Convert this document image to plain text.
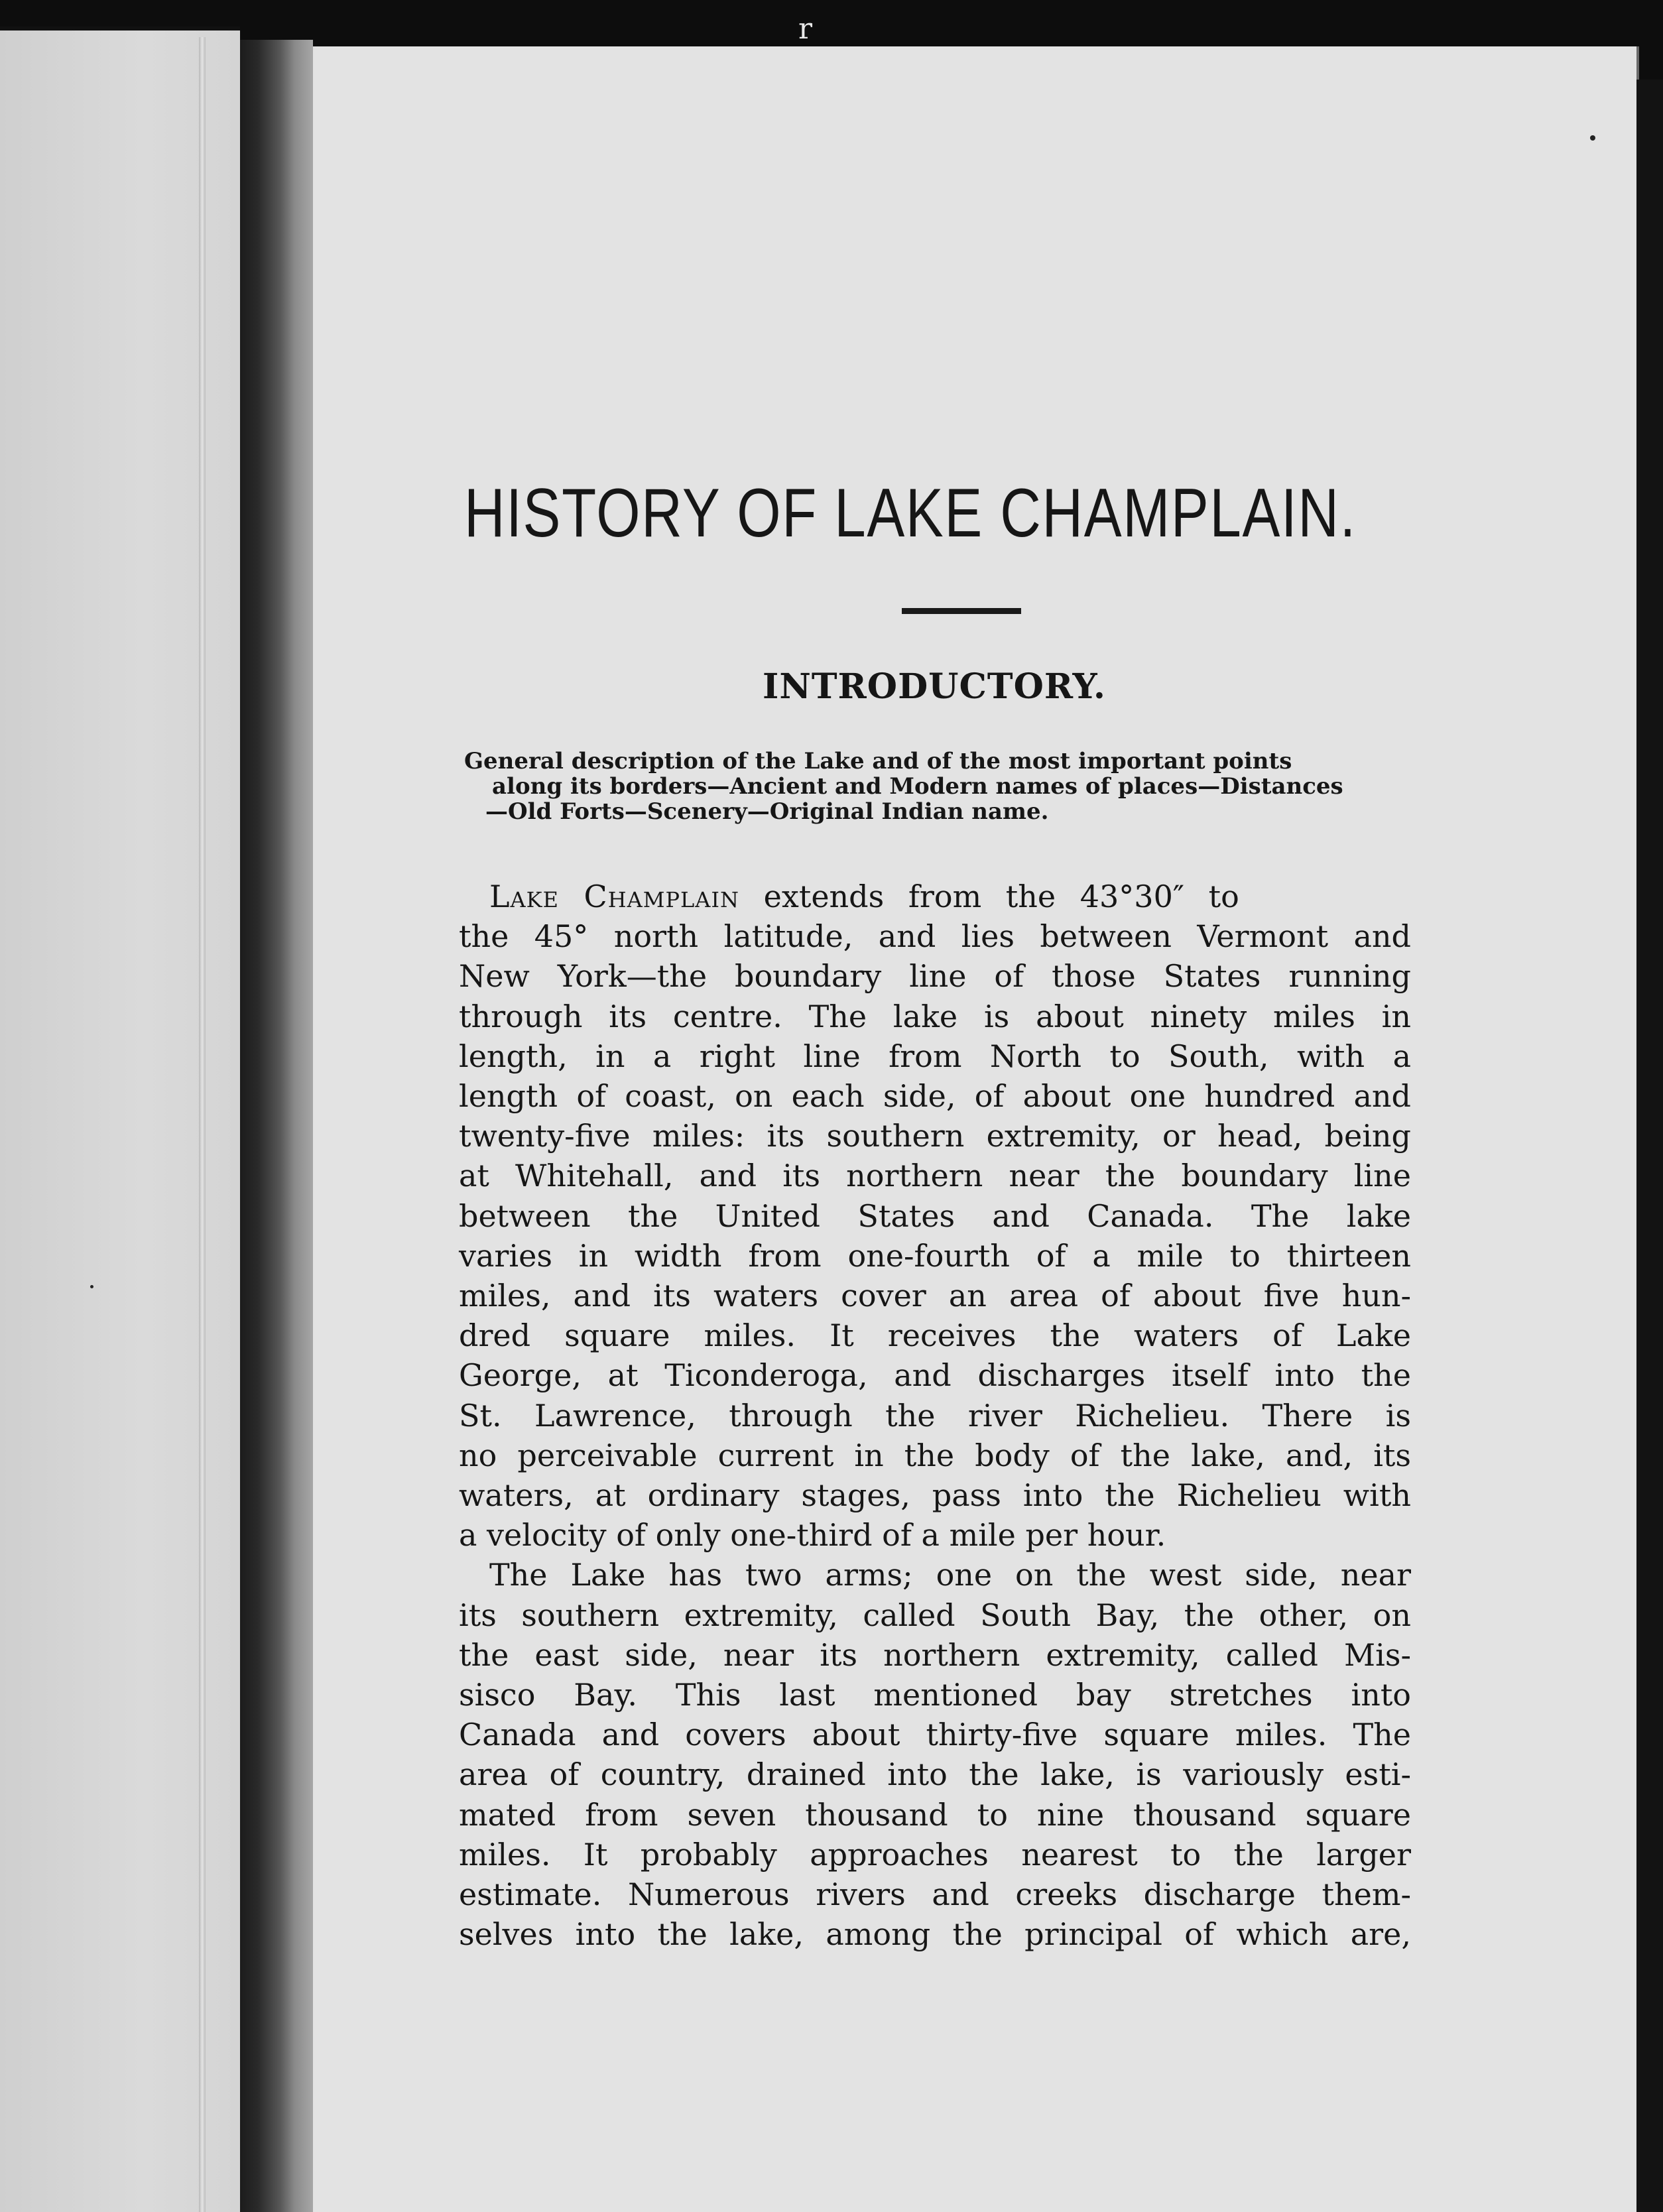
r
HISTORY OF LAKE CHAMPLAIN.
INTRODUCTORY.
General description of the Lake and of the most important points
along its borders—Ancient and Modern names of places—Distances
—Old Forts—Scenery—Original Indian name.
Lake Champlain extends from the 43°30″ to
the 45° north latitude, and lies between Vermont and
New York—the boundary line of those States running
through its centre. The lake is about ninety miles in
length, in a right line from North to South, with a
length of coast, on each side, of about one hundred and
twenty-five miles: its southern extremity, or head, being
at Whitehall, and its northern near the boundary line
between the United States and Canada. The lake
varies in width from one-fourth of a mile to thirteen
miles, and its waters cover an area of about five hun-
dred square miles. It receives the waters of Lake
George, at Ticonderoga, and discharges itself into the
St. Lawrence, through the river Richelieu. There is
no perceivable current in the body of the lake, and, its
waters, at ordinary stages, pass into the Richelieu with
a velocity of only one-third of a mile per hour.
The Lake has two arms; one on the west side, near
its southern extremity, called South Bay, the other, on
the east side, near its northern extremity, called Mis-
sisco Bay. This last mentioned bay stretches into
Canada and covers about thirty-five square miles. The
area of country, drained into the lake, is variously esti-
mated from seven thousand to nine thousand square
miles. It probably approaches nearest to the larger
estimate. Numerous rivers and creeks discharge them-
selves into the lake, among the principal of which are,
